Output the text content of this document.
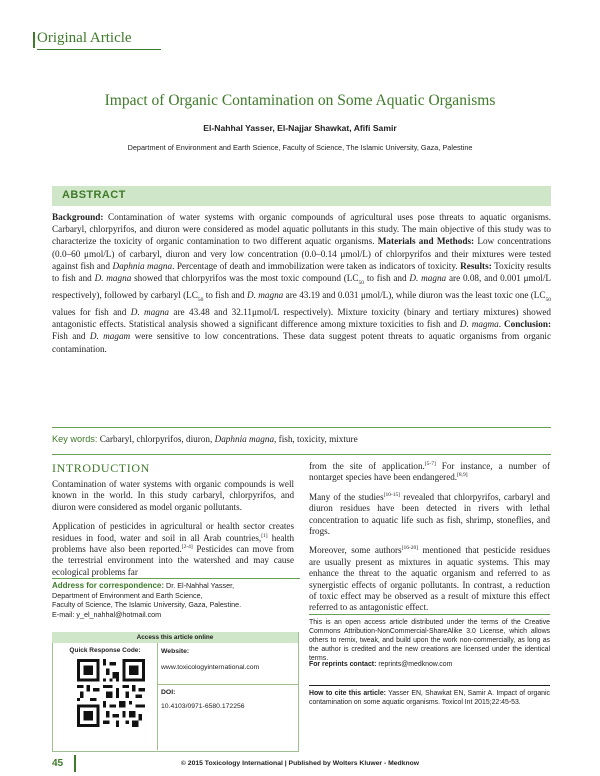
Original Article
Impact of Organic Contamination on Some Aquatic Organisms
El-Nahhal Yasser, El-Najjar Shawkat, Afifi Samir
Department of Environment and Earth Science, Faculty of Science, The Islamic University, Gaza, Palestine
ABSTRACT
Background: Contamination of water systems with organic compounds of agricultural uses pose threats to aquatic organisms. Carbaryl, chlorpyrifos, and diuron were considered as model aquatic pollutants in this study. The main objective of this study was to characterize the toxicity of organic contamination to two different aquatic organisms. Materials and Methods: Low concentrations (0.0–60 μmol/L) of carbaryl, diuron and very low concentration (0.0–0.14 μmol/L) of chlorpyrifos and their mixtures were tested against fish and Daphnia magna. Percentage of death and immobilization were taken as indicators of toxicity. Results: Toxicity results to fish and D. magna showed that chlorpyrifos was the most toxic compound ($LC_{50}$ to fish and D. magna are 0.08, and 0.001 μmol/L respectively), followed by carbaryl ($LC_{50}$ to fish and D. magna are 43.19 and 0.031 μmol/L), while diuron was the least toxic one ($LC_{50}$ values for fish and D. magna are 43.48 and 32.11μmol/L respectively). Mixture toxicity (binary and tertiary mixtures) showed antagonistic effects. Statistical analysis showed a significant difference among mixture toxicities to fish and D. magma. Conclusion: Fish and D. magam were sensitive to low concentrations. These data suggest potent threats to aquatic organisms from organic contamination.
Key words: Carbaryl, chlorpyrifos, diuron, Daphnia magna, fish, toxicity, mixture
INTRODUCTION

Contamination of water systems with organic compounds is well known in the world. In this study carbaryl, chlorpyrifos, and diuron were considered as model organic pollutants.

Application of pesticides in agricultural or health sector creates residues in food, water and soil in all Arab countries,[1] health problems have also been reported.[2-4] Pesticides can move from the terrestrial environment into the watershed and may cause ecological problems far

from the site of application.[5-7] For instance, a number of nontarget species have been endangered.[8,9]

Many of the studies[10-15] revealed that chlorpyrifos, carbaryl and diuron residues have been detected in rivers with lethal concentration to aquatic life such as fish, shrimp, stoneflies, and frogs.

Moreover, some authors[16-20] mentioned that pesticide residues are usually present as mixtures in aquatic systems. This may enhance the threat to the aquatic organism and referred to as synergistic effects of organic pollutants. In contrast, a reduction of toxic effect may be observed as a result of mixture this effect referred to as antagonistic effect.

Address for correspondence: Dr. El-Nahhal Yasser,
Department of Environment and Earth Science,
Faculty of Science, The Islamic University, Gaza, Palestine.
E-mail: y_el_nahhal@hotmail.com
Access this article online
Quick Response Code:	Website:
www.toxicologyinternational.com
DOI:
10.4103/0971-6580.172256
This is an open access article distributed under the terms of the Creative Commons Attribution-NonCommercial-ShareAlike 3.0 License, which allows others to remix, tweak, and build upon the work non-commercially, as long as the author is credited and the new creations are licensed under the identical terms.
For reprints contact: reprints@medknow.com
How to cite this article: Yasser EN, Shawkat EN, Samir A. Impact of organic contamination on some aquatic organisms. Toxicol Int 2015;22:45-53.
45	© 2015 Toxicology International | Published by Wolters Kluwer - Medknow
